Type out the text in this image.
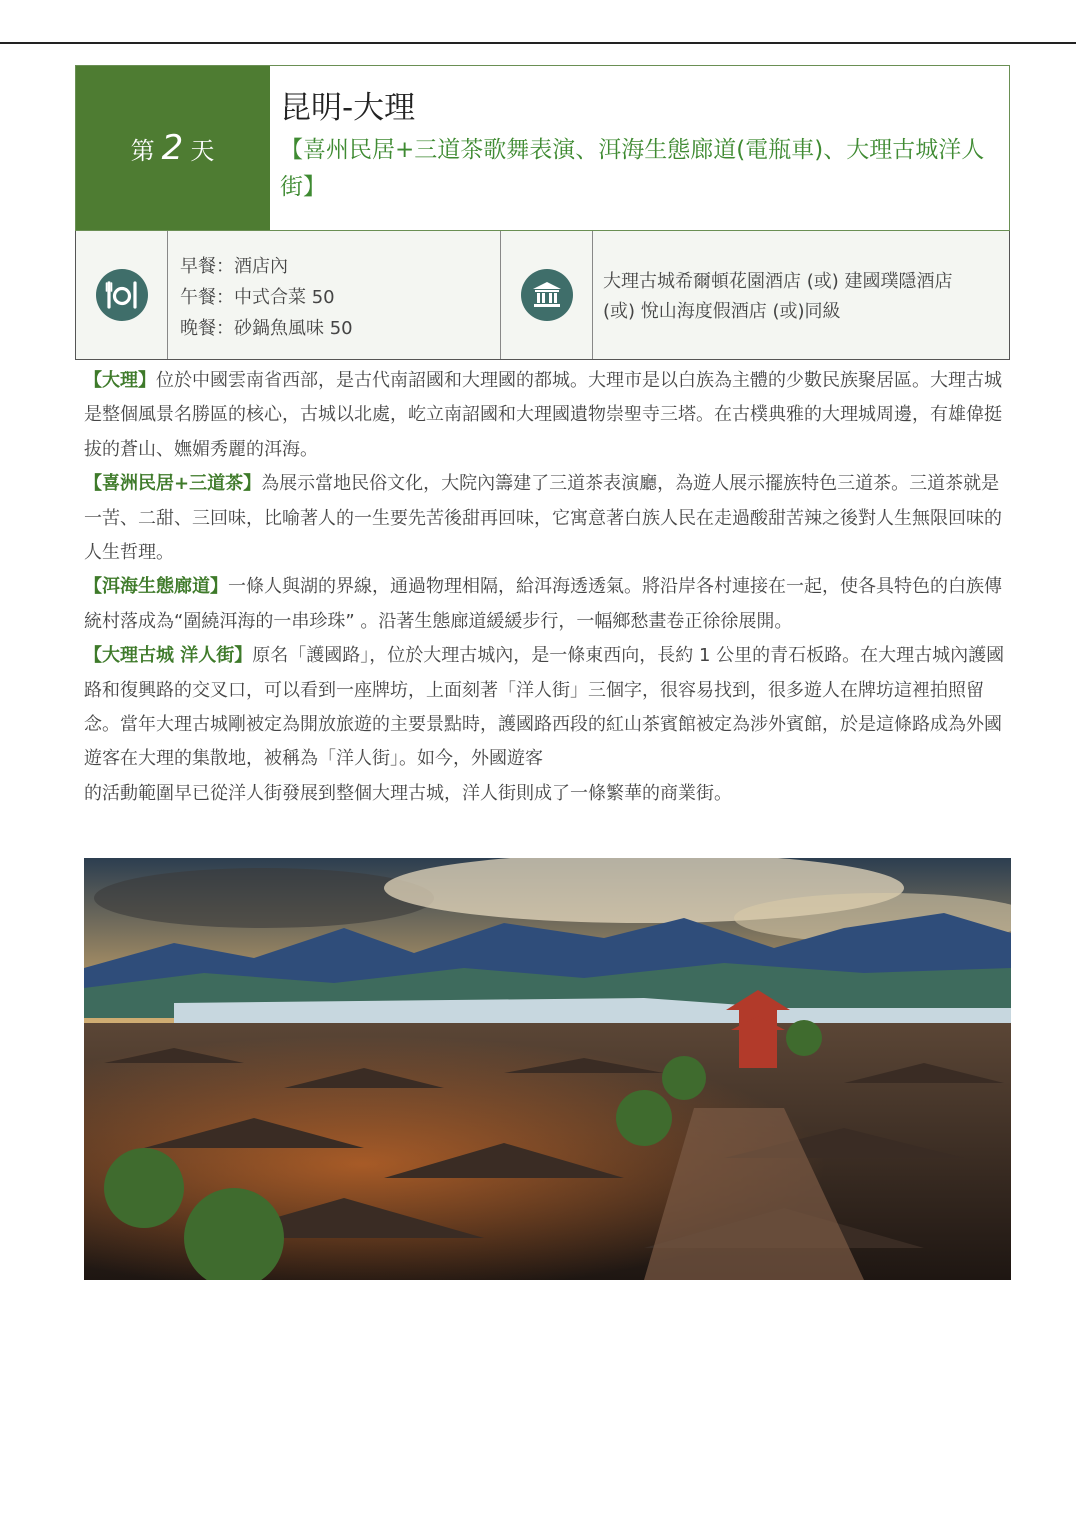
第 2 天
昆明-大理
【喜州民居+三道茶歌舞表演、洱海生態廊道(電瓶車)、大理古城洋人街】
早餐：酒店內
午餐：中式合菜 50
晚餐：砂鍋魚風味 50
大理古城希爾頓花園酒店 (或) 建國璞隱酒店
(或) 悅山海度假酒店 (或)同級

【大理】位於中國雲南省西部，是古代南詔國和大理國的都城。大理市是以白族為主體的少數民族聚居區。大理古城是整個風景名勝區的核心，古城以北處，屹立南詔國和大理國遺物崇聖寺三塔。在古樸典雅的大理城周邊，有雄偉挺拔的蒼山、嫵媚秀麗的洱海。

【喜洲民居+三道茶】為展示當地民俗文化，大院內籌建了三道茶表演廳，為遊人展示擺族特色三道茶。三道茶就是一苦、二甜、三回味，比喻著人的一生要先苦後甜再回味，它寓意著白族人民在走過酸甜苦辣之後對人生無限回味的人生哲理。

【洱海生態廊道】一條人與湖的界線，通過物理相隔，給洱海透透氣。將沿岸各村連接在一起，使各具特色的白族傳統村落成為“圍繞洱海的一串珍珠” 。沿著生態廊道緩緩步行，一幅鄉愁畫卷正徐徐展開。

【大理古城 洋人街】原名「護國路」，位於大理古城內，是一條東西向，長約 1 公里的青石板路。在大理古城內護國路和復興路的交叉口，可以看到一座牌坊，上面刻著「洋人街」三個字，很容易找到，很多遊人在牌坊這裡拍照留念。當年大理古城剛被定為開放旅遊的主要景點時，護國路西段的紅山茶賓館被定為涉外賓館，於是這條路成為外國遊客在大理的集散地，被稱為「洋人街」。如今，外國遊客

的活動範圍早已從洋人街發展到整個大理古城，洋人街則成了一條繁華的商業街。
